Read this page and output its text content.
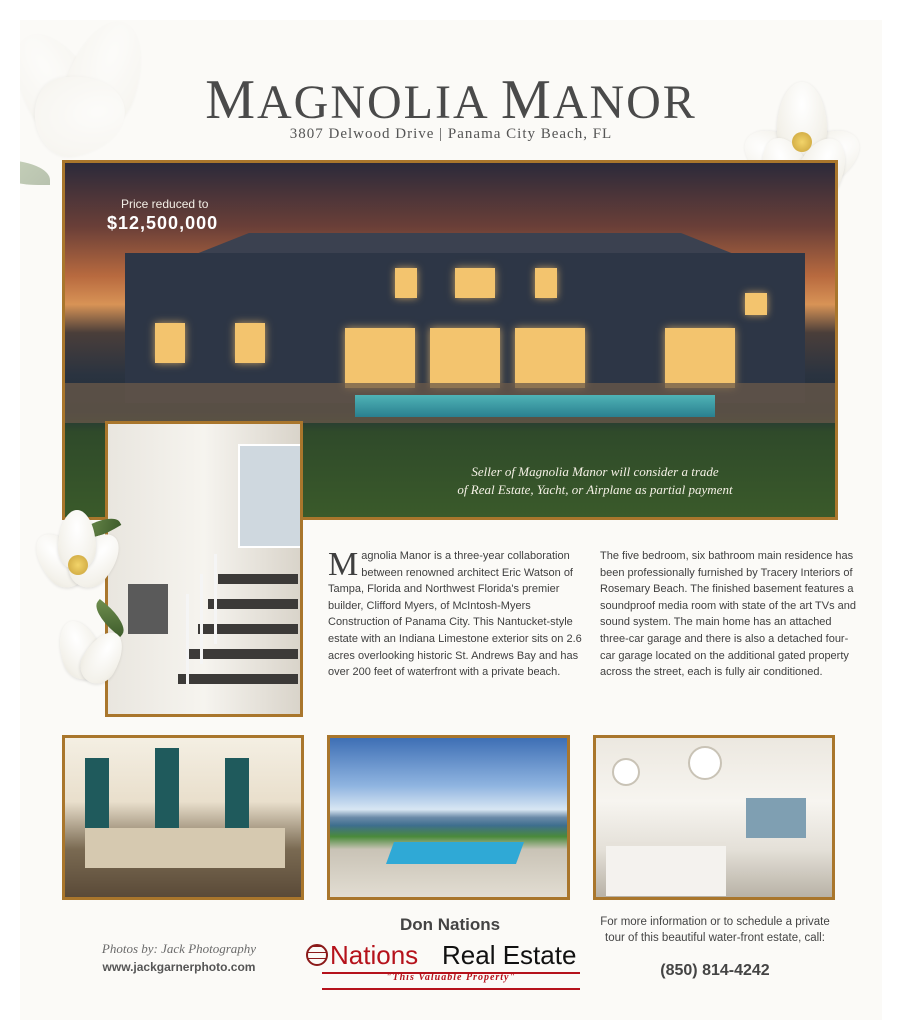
MAGNOLIA MANOR
3807 Delwood Drive | Panama City Beach, FL
Price reduced to
$12,500,000
Seller of Magnolia Manor will consider a trade
of Real Estate, Yacht, or Airplane as partial payment
Magnolia Manor is a three-year collaboration between renowned architect Eric Watson of Tampa, Florida and Northwest Florida's premier builder, Clifford Myers, of McIntosh-Myers Construction of Panama City. This Nantucket-style estate with an Indiana Limestone exterior sits on 2.6 acres overlooking historic St. Andrews Bay and has over 200 feet of waterfront with a private beach.
The five bedroom, six bathroom main residence has been professionally furnished by Tracery Interiors of Rosemary Beach. The finished basement features a soundproof media room with state of the art TVs and sound system. The main home has an attached three-car garage and there is also a detached four-car garage located on the additional gated property across the street, each is fully air conditioned.
Photos by: Jack Photography
www.jackgarnerphoto.com
Don Nations
Nations Real Estate
"This Valuable Property"
For more information or to schedule a private tour of this beautiful water-front estate, call:
(850) 814-4242
